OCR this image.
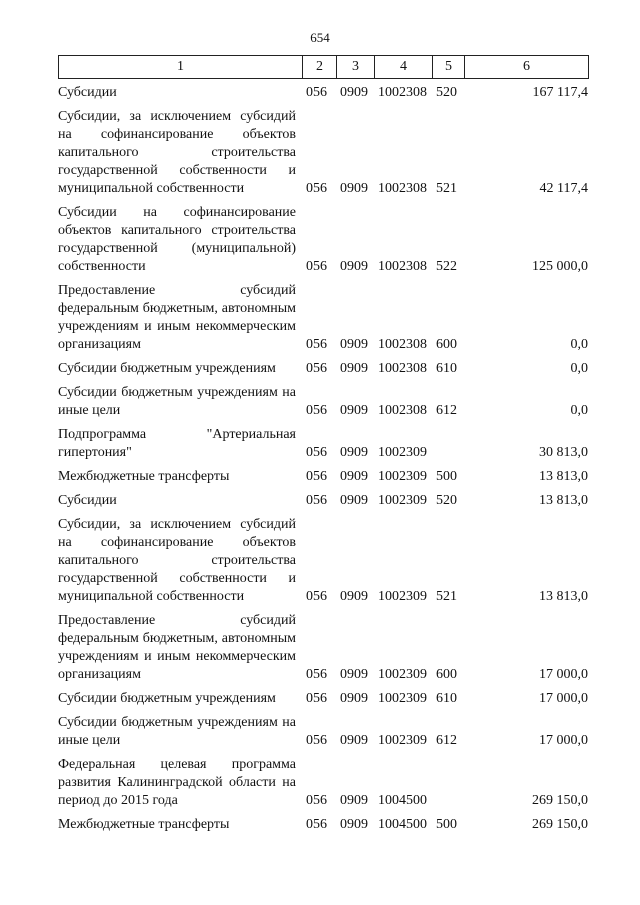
654
1	2	3	4	5	6
Субсидии	056	0909	1002308	520	167 117,4
Субсидии, за исключением субсидий на софинансирование объектов капитального строительства государственной собственности и муниципальной собственности	056	0909	1002308	521	42 117,4
Субсидии на софинансирование объектов капитального строительства государственной (муниципальной) собственности	056	0909	1002308	522	125 000,0
Предоставление субсидий федеральным бюджетным, автономным учреждениям и иным некоммерческим организациям	056	0909	1002308	600	0,0
Субсидии бюджетным учреждениям	056	0909	1002308	610	0,0
Субсидии бюджетным учреждениям на иные цели	056	0909	1002308	612	0,0
Подпрограмма "Артериальная гипертония"	056	0909	1002309		30 813,0
Межбюджетные трансферты	056	0909	1002309	500	13 813,0
Субсидии	056	0909	1002309	520	13 813,0
Субсидии, за исключением субсидий на софинансирование объектов капитального строительства государственной собственности и муниципальной собственности	056	0909	1002309	521	13 813,0
Предоставление субсидий федеральным бюджетным, автономным учреждениям и иным некоммерческим организациям	056	0909	1002309	600	17 000,0
Субсидии бюджетным учреждениям	056	0909	1002309	610	17 000,0
Субсидии бюджетным учреждениям на иные цели	056	0909	1002309	612	17 000,0
Федеральная целевая программа развития Калининградской области на период до 2015 года	056	0909	1004500		269 150,0
Межбюджетные трансферты	056	0909	1004500	500	269 150,0
